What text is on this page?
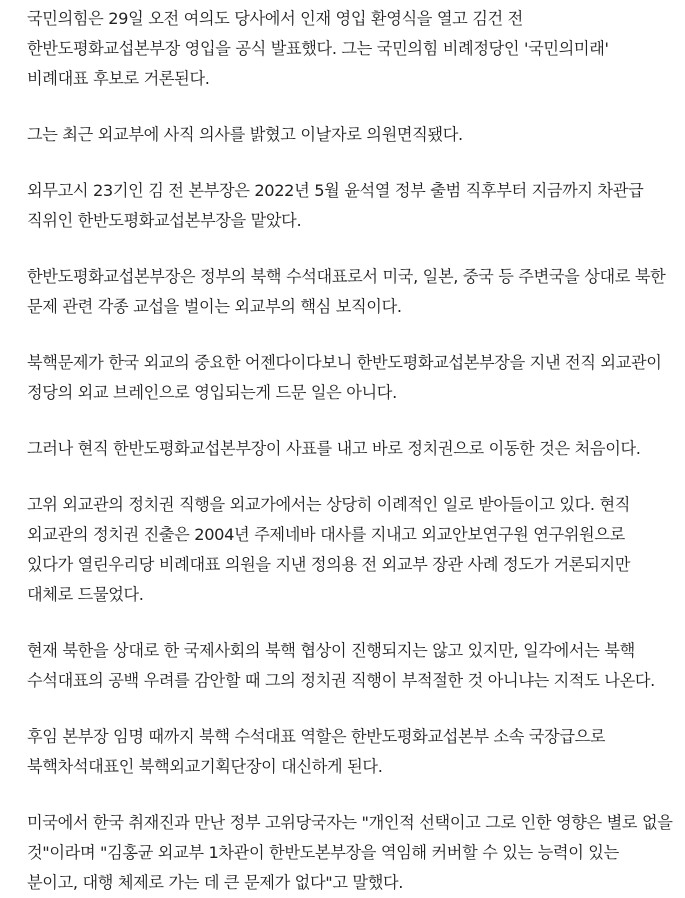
국민의힘은 29일 오전 여의도 당사에서 인재 영입 환영식을 열고 김건 전 한반도평화교섭본부장 영입을 공식 발표했다. 그는 국민의힘 비례정당인 '국민의미래' 비례대표 후보로 거론된다.

그는 최근 외교부에 사직 의사를 밝혔고 이날자로 의원면직됐다.

외무고시 23기인 김 전 본부장은 2022년 5월 윤석열 정부 출범 직후부터 지금까지 차관급 직위인 한반도평화교섭본부장을 맡았다.

한반도평화교섭본부장은 정부의 북핵 수석대표로서 미국, 일본, 중국 등 주변국을 상대로 북한 문제 관련 각종 교섭을 벌이는 외교부의 핵심 보직이다.

북핵문제가 한국 외교의 중요한 어젠다이다보니 한반도평화교섭본부장을 지낸 전직 외교관이 정당의 외교 브레인으로 영입되는게 드문 일은 아니다.

그러나 현직 한반도평화교섭본부장이 사표를 내고 바로 정치권으로 이동한 것은 처음이다.

고위 외교관의 정치권 직행을 외교가에서는 상당히 이례적인 일로 받아들이고 있다. 현직 외교관의 정치권 진출은 2004년 주제네바 대사를 지내고 외교안보연구원 연구위원으로 있다가 열린우리당 비례대표 의원을 지낸 정의용 전 외교부 장관 사례 정도가 거론되지만 대체로 드물었다.

현재 북한을 상대로 한 국제사회의 북핵 협상이 진행되지는 않고 있지만, 일각에서는 북핵 수석대표의 공백 우려를 감안할 때 그의 정치권 직행이 부적절한 것 아니냐는 지적도 나온다.

후임 본부장 임명 때까지 북핵 수석대표 역할은 한반도평화교섭본부 소속 국장급으로 북핵차석대표인 북핵외교기획단장이 대신하게 된다.

미국에서 한국 취재진과 만난 정부 고위당국자는 "개인적 선택이고 그로 인한 영향은 별로 없을 것"이라며 "김홍균 외교부 1차관이 한반도본부장을 역임해 커버할 수 있는 능력이 있는 분이고, 대행 체제로 가는 데 큰 문제가 없다"고 말했다.
